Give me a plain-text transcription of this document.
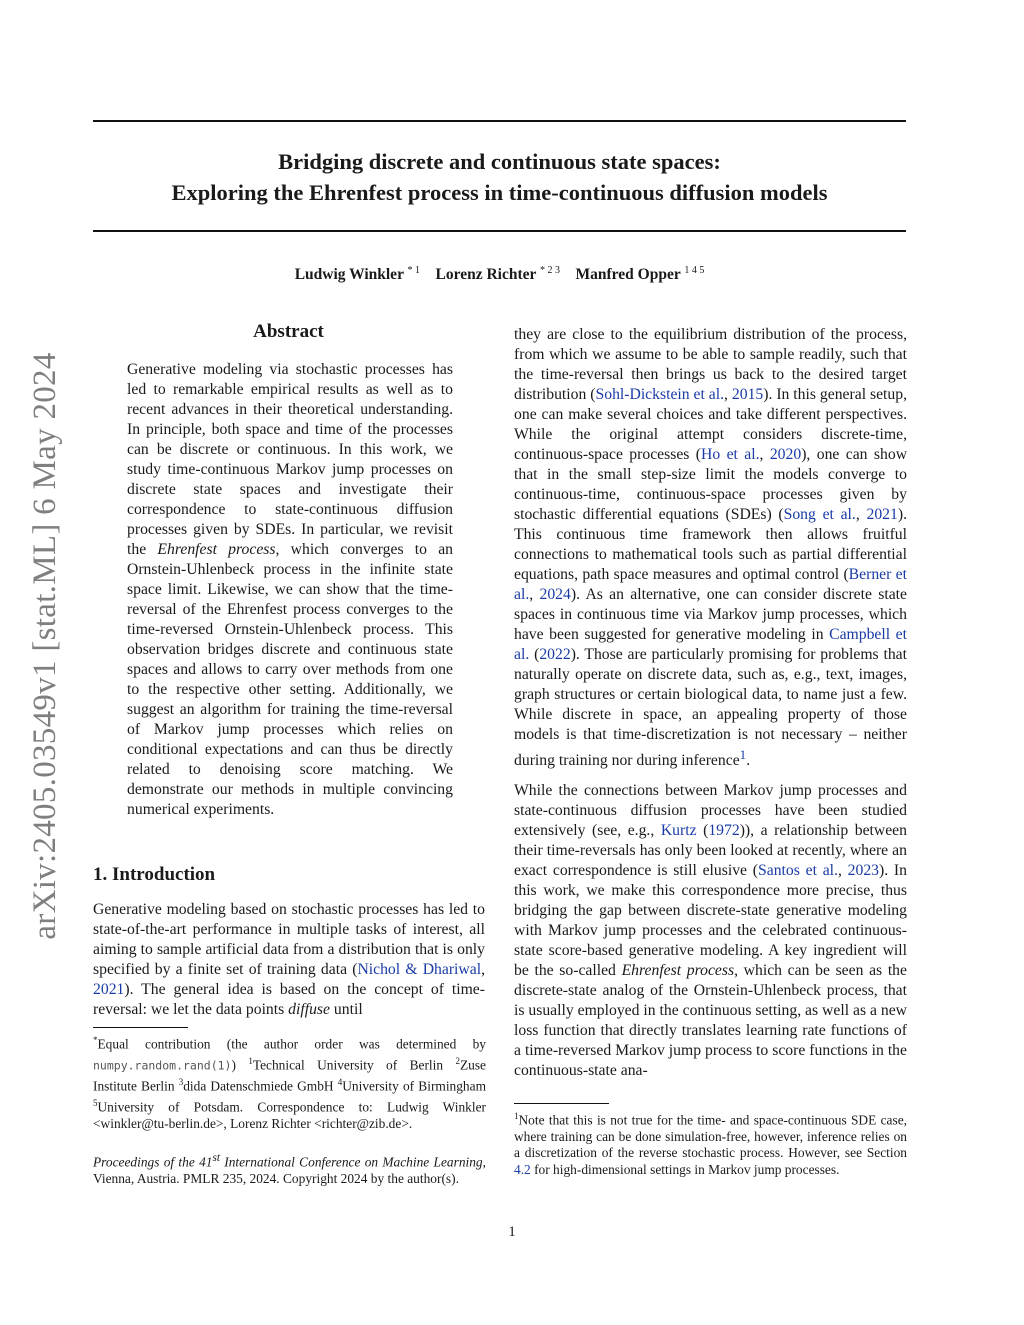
Bridging discrete and continuous state spaces:
Exploring the Ehrenfest process in time-continuous diffusion models
Ludwig Winkler $^{* 1}$ Lorenz Richter $^{* 2 3}$ Manfred Opper $^{1 4 5}$
arXiv:2405.03549v1 [stat.ML] 6 May 2024
Abstract
Generative modeling via stochastic processes has led to remarkable empirical results as well as to recent advances in their theoretical understanding. In principle, both space and time of the processes can be discrete or continuous. In this work, we study time-continuous Markov jump processes on discrete state spaces and investigate their correspondence to state-continuous diffusion processes given by SDEs. In particular, we revisit the Ehrenfest process, which converges to an Ornstein-Uhlenbeck process in the infinite state space limit. Likewise, we can show that the time-reversal of the Ehrenfest process converges to the time-reversed Ornstein-Uhlenbeck process. This observation bridges discrete and continuous state spaces and allows to carry over methods from one to the respective other setting. Additionally, we suggest an algorithm for training the time-reversal of Markov jump processes which relies on conditional expectations and can thus be directly related to denoising score matching. We demonstrate our methods in multiple convincing numerical experiments.
1. Introduction
Generative modeling based on stochastic processes has led to state-of-the-art performance in multiple tasks of interest, all aiming to sample artificial data from a distribution that is only specified by a finite set of training data (Nichol & Dhariwal, 2021). The general idea is based on the concept of time-reversal: we let the data points diffuse until
*Equal contribution (the author order was determined by numpy.random.rand(1)) $^1$Technical University of Berlin $^2$Zuse Institute Berlin $^3$dida Datenschmiede GmbH $^4$University of Birmingham $^5$University of Potsdam. Correspondence to: Ludwig Winkler <winkler@tu-berlin.de>, Lorenz Richter <richter@zib.de>.
Proceedings of the 41st International Conference on Machine Learning, Vienna, Austria. PMLR 235, 2024. Copyright 2024 by the author(s).

they are close to the equilibrium distribution of the process, from which we assume to be able to sample readily, such that the time-reversal then brings us back to the desired target distribution (Sohl-Dickstein et al., 2015). In this general setup, one can make several choices and take different perspectives. While the original attempt considers discrete-time, continuous-space processes (Ho et al., 2020), one can show that in the small step-size limit the models converge to continuous-time, continuous-space processes given by stochastic differential equations (SDEs) (Song et al., 2021). This continuous time framework then allows fruitful connections to mathematical tools such as partial differential equations, path space measures and optimal control (Berner et al., 2024). As an alternative, one can consider discrete state spaces in continuous time via Markov jump processes, which have been suggested for generative modeling in Campbell et al. (2022). Those are particularly promising for problems that naturally operate on discrete data, such as, e.g., text, images, graph structures or certain biological data, to name just a few. While discrete in space, an appealing property of those models is that time-discretization is not necessary – neither during training nor during inference$^1$.

While the connections between Markov jump processes and state-continuous diffusion processes have been studied extensively (see, e.g., Kurtz (1972)), a relationship between their time-reversals has only been looked at recently, where an exact correspondence is still elusive (Santos et al., 2023). In this work, we make this correspondence more precise, thus bridging the gap between discrete-state generative modeling with Markov jump processes and the celebrated continuous-state score-based generative modeling. A key ingredient will be the so-called Ehrenfest process, which can be seen as the discrete-state analog of the Ornstein-Uhlenbeck process, that is usually employed in the continuous setting, as well as a new loss function that directly translates learning rate functions of a time-reversed Markov jump process to score functions in the continuous-state ana-

$^1$Note that this is not true for the time- and space-continuous SDE case, where training can be done simulation-free, however, inference relies on a discretization of the reverse stochastic process. However, see Section 4.2 for high-dimensional settings in Markov jump processes.
1
